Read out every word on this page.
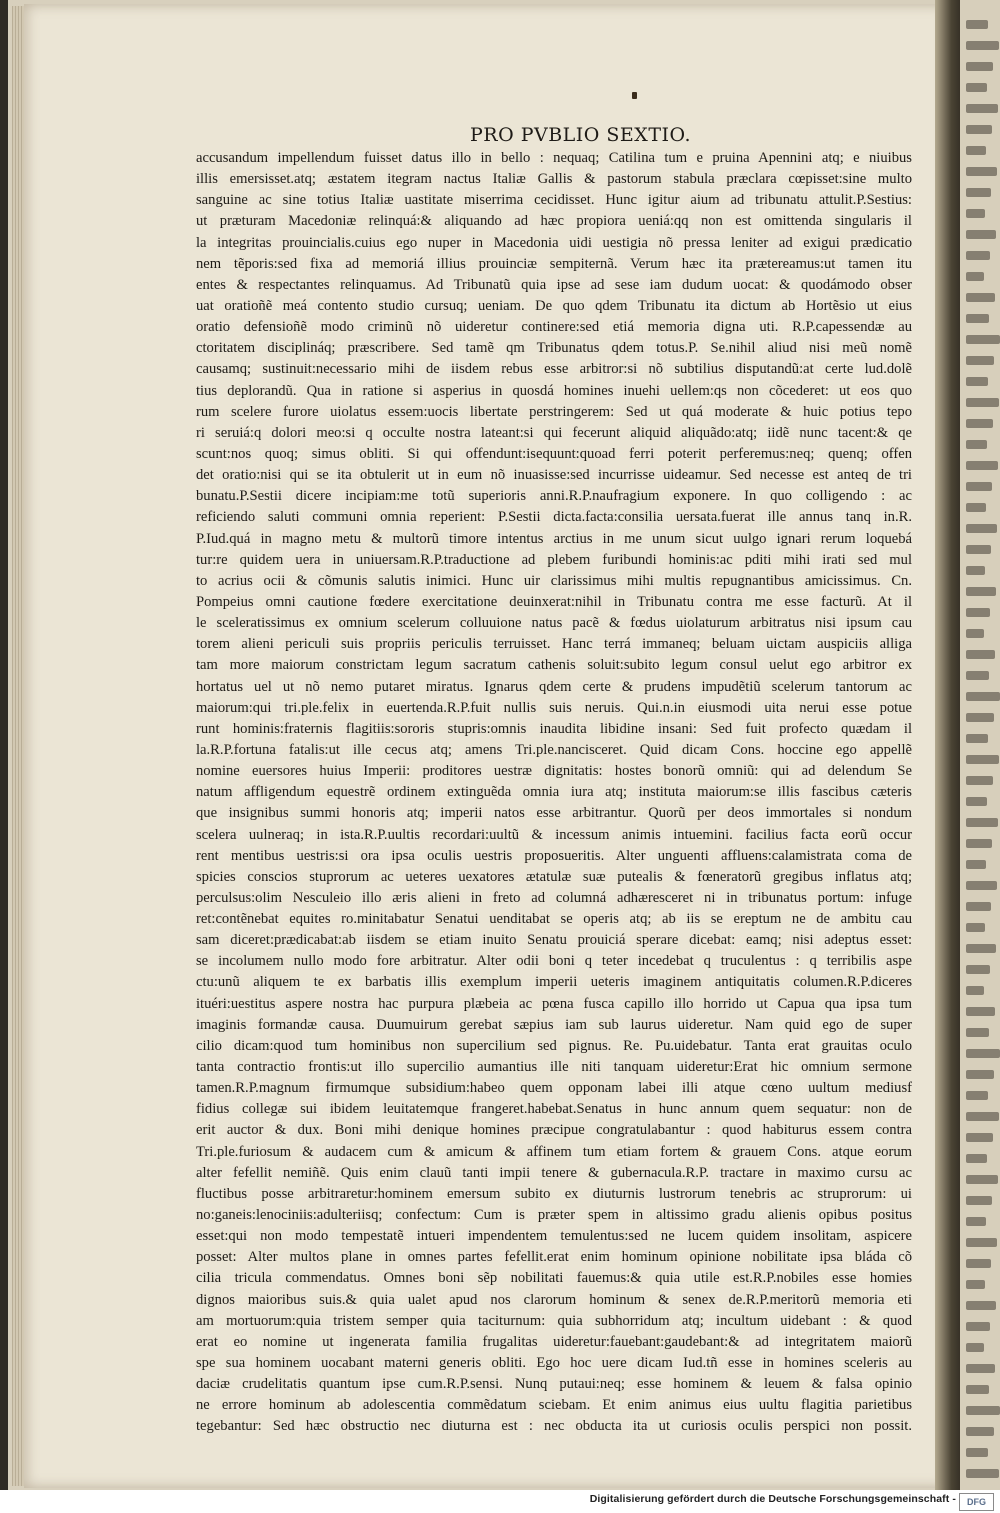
PRO PVBLIO SEXTIO.
accusandum impellendum fuisset datus illo in bello : nequaq; Catilina tum e pruina Apennini atq; e niuibus
illis emersisset.atq; æstatem itegram nactus Italiæ Gallis & pastorum stabula præclara cœpisset:sine multo
sanguine ac sine totius Italiæ uastitate miserrima cecidisset. Hunc igitur aium ad tribunatu attulit.P.Sestius:
ut præturam Macedoniæ relinquá:& aliquando ad hæc propiora ueniá:qq non est omittenda singularis il
la integritas prouincialis.cuius ego nuper in Macedonia uidi uestigia nõ pressa leniter ad exigui prædicatio
nem tẽporis:sed fixa ad memoriá illius prouinciæ sempiternã. Verum hæc ita prætereamus:ut tamen itu
entes & respectantes relinquamus. Ad Tribunatũ quia ipse ad sese iam dudum uocat: & quodámodo obser
uat oratioñẽ meá contento studio cursuq; ueniam. De quo qdem Tribunatu ita dictum ab Hortẽsio ut eius
oratio defensioñẽ modo criminũ nõ uideretur continere:sed etiá memoria digna uti. R.P.capessendæ au
ctoritatem disciplináq; præscribere. Sed tamẽ qm Tribunatus qdem totus.P. Se.nihil aliud nisi meũ nomẽ
causamq; sustinuit:necessario mihi de iisdem rebus esse arbitror:si nõ subtilius disputandũ:at certe lud.dolẽ
tius deplorandũ. Qua in ratione si asperius in quosdá homines inuehi uellem:qs non cõcederet: ut eos quo
rum scelere furore uiolatus essem:uocis libertate perstringerem: Sed ut quá moderate & huic potius tepo
ri seruiá:q dolori meo:si q occulte nostra lateant:si qui fecerunt aliquid aliquãdo:atq; iidẽ nunc tacent:& qe
scunt:nos quoq; simus obliti. Si qui offendunt:isequunt:quoad ferri poterit perferemus:neq; quenq; offen
det oratio:nisi qui se ita obtulerit ut in eum nõ inuasisse:sed incurrisse uideamur. Sed necesse est anteq de tri
bunatu.P.Sestii dicere incipiam:me totũ superioris anni.R.P.naufragium exponere. In quo colligendo : ac
reficiendo saluti communi omnia reperient: P.Sestii dicta.facta:consilia uersata.fuerat ille annus tanq in.R.
P.Iud.quá in magno metu & multorũ timore intentus arctius in me unum sicut uulgo ignari rerum loquebá
tur:re quidem uera in uniuersam.R.P.traductione ad plebem furibundi hominis:ac pditi mihi irati sed mul
to acrius ocii & cõmunis salutis inimici. Hunc uir clarissimus mihi multis repugnantibus amicissimus. Cn.
Pompeius omni cautione fœdere exercitatione deuinxerat:nihil in Tribunatu contra me esse facturũ. At il
le sceleratissimus ex omnium scelerum colluuione natus pacẽ & fœdus uiolaturum arbitratus nisi ipsum cau
torem alieni periculi suis propriis periculis terruisset. Hanc terrá immaneq; beluam uictam auspiciis alliga
tam more maiorum constrictam legum sacratum cathenis soluit:subito legum consul uelut ego arbitror ex
hortatus uel ut nõ nemo putaret miratus. Ignarus qdem certe & prudens impudẽtiũ scelerum tantorum ac
maiorum:qui tri.ple.felix in euertenda.R.P.fuit nullis suis neruis. Qui.n.in eiusmodi uita nerui esse potue
runt hominis:fraternis flagitiis:sororis stupris:omnis inaudita libidine insani: Sed fuit profecto quædam il
la.R.P.fortuna fatalis:ut ille cecus atq; amens Tri.ple.nancisceret. Quid dicam Cons. hoccine ego appellẽ
nomine euersores huius Imperii: proditores uestræ dignitatis: hostes bonorũ omniũ: qui ad delendum Se
natum affligendum equestrẽ ordinem extinguẽda omnia iura atq; instituta maiorum:se illis fascibus cæteris
que insignibus summi honoris atq; imperii natos esse arbitrantur. Quorũ per deos immortales si nondum
scelera uulneraq; in ista.R.P.uultis recordari:uultũ & incessum animis intuemini. facilius facta eorũ occur
rent mentibus uestris:si ora ipsa oculis uestris proposueritis. Alter unguenti affluens:calamistrata coma de
spicies conscios stuprorum ac ueteres uexatores ætatulæ suæ putealis & fœneratorũ gregibus inflatus atq;
perculsus:olim Nesculeio illo æris alieni in freto ad columná adhæresceret ni in tribunatus portum: infuge
ret:contẽnebat equites ro.minitabatur Senatui uenditabat se operis atq; ab iis se ereptum ne de ambitu cau
sam diceret:prædicabat:ab iisdem se etiam inuito Senatu prouiciá sperare dicebat: eamq; nisi adeptus esset:
se incolumem nullo modo fore arbitratur. Alter odii boni q teter incedebat q truculentus : q terribilis aspe
ctu:unũ aliquem te ex barbatis illis exemplum imperii ueteris imaginem antiquitatis columen.R.P.diceres
ituéri:uestitus aspere nostra hac purpura plæbeia ac pœna fusca capillo illo horrido ut Capua qua ipsa tum
imaginis formandæ causa. Duumuirum gerebat sæpius iam sub laurus uideretur. Nam quid ego de super
cilio dicam:quod tum hominibus non supercilium sed pignus. Re. Pu.uidebatur. Tanta erat grauitas oculo
tanta contractio frontis:ut illo supercilio aumantius ille niti tanquam uideretur:Erat hic omnium sermone
tamen.R.P.magnum firmumque subsidium:habeo quem opponam labei illi atque cœno uultum mediusf
fidius collegæ sui ibidem leuitatemque frangeret.habebat.Senatus in hunc annum quem sequatur: non de
erit auctor & dux. Boni mihi denique homines præcipue congratulabantur : quod habiturus essem contra
Tri.ple.furiosum & audacem cum & amicum & affinem tum etiam fortem & grauem Cons. atque eorum
alter fefellit nemiñẽ. Quis enim clauũ tanti impii tenere & gubernacula.R.P. tractare in maximo cursu ac
fluctibus posse arbitraretur:hominem emersum subito ex diuturnis lustrorum tenebris ac struprorum: ui
no:ganeis:lenociniis:adulteriisq; confectum: Cum is præter spem in altissimo gradu alienis opibus positus
esset:qui non modo tempestatẽ intueri impendentem temulentus:sed ne lucem quidem insolitam, aspicere
posset: Alter multos plane in omnes partes fefellit.erat enim hominum opinione nobilitate ipsa bláda cõ
cilia tricula commendatus. Omnes boni sẽp nobilitati fauemus:& quia utile est.R.P.nobiles esse homies
dignos maioribus suis.& quia ualet apud nos clarorum hominum & senex de.R.P.meritorũ memoria eti
am mortuorum:quia tristem semper quia taciturnum: quia subhorridum atq; incultum uidebant : & quod
erat eo nomine ut ingenerata familia frugalitas uideretur:fauebant:gaudebant:& ad integritatem maiorũ
spe sua hominem uocabant materni generis obliti. Ego hoc uere dicam Iud.tñ esse in homines sceleris au
daciæ crudelitatis quantum ipse cum.R.P.sensi. Nunq putaui:neq; esse hominem & leuem & falsa opinio
ne errore hominum ab adolescentia commẽdatum sciebam. Et enim animus eius uultu flagitia parietibus
tegebantur: Sed hæc obstructio nec diuturna est : nec obducta ita ut curiosis oculis perspici non possit.
Digitalisierung gefördert durch die Deutsche Forschungsgemeinschaft -	DFG
